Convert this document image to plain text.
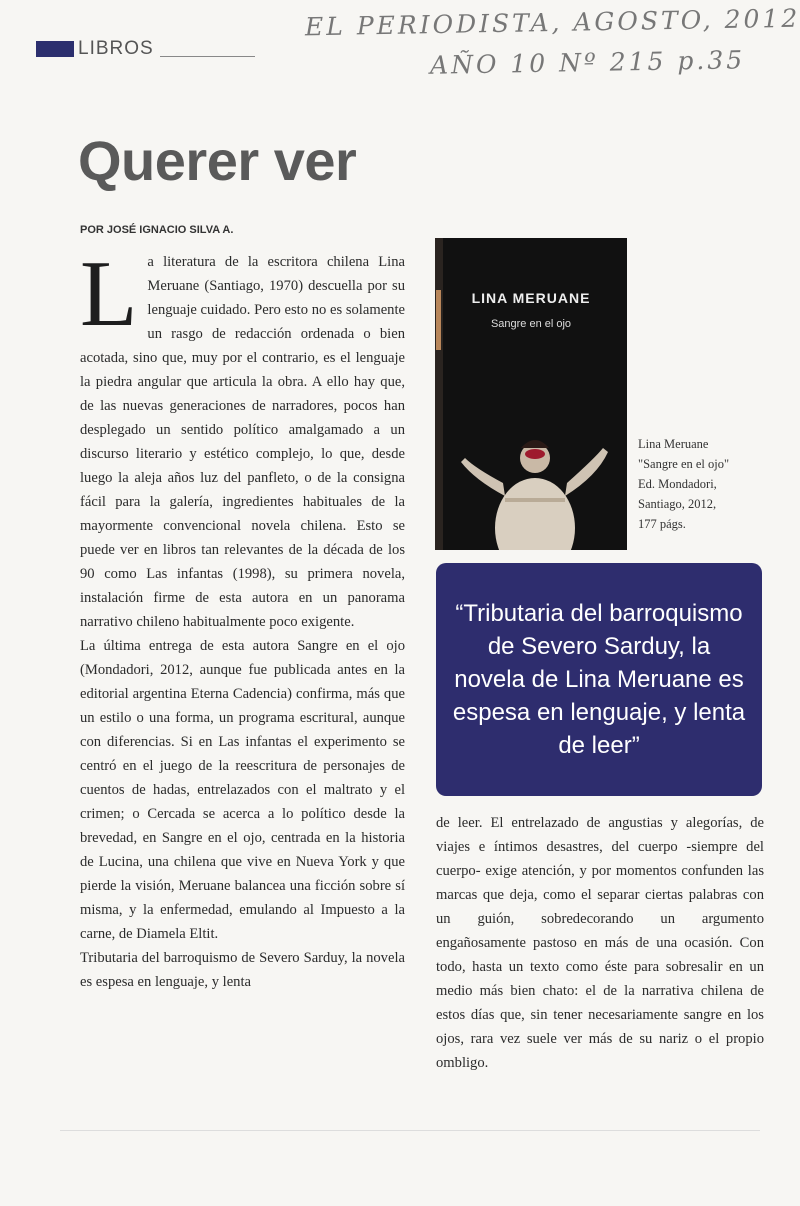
EL PERIODISTA, AGOSTO, 2012
AÑO 10 Nº 215 p.35
LIBROS
Querer ver
POR JOSÉ IGNACIO SILVA A.

La literatura de la escritora chilena Lina Meruane (Santiago, 1970) descuella por su lenguaje cuidado. Pero esto no es solamente un rasgo de redacción ordenada o bien acotada, sino que, muy por el contrario, es el lenguaje la piedra angular que articula la obra. A ello hay que, de las nuevas generaciones de narradores, pocos han desplegado un sentido político amalgamado a un discurso literario y estético complejo, lo que, desde luego la aleja años luz del panfleto, o de la consigna fácil para la galería, ingredientes habituales de la mayormente convencional novela chilena. Esto se puede ver en libros tan relevantes de la década de los 90 como Las infantas (1998), su primera novela, instalación firme de esta autora en un panorama narrativo chileno habitualmente poco exigente.

La última entrega de esta autora Sangre en el ojo (Mondadori, 2012, aunque fue publicada antes en la editorial argentina Eterna Cadencia) confirma, más que un estilo o una forma, un programa escritural, aunque con diferencias. Si en Las infantas el experimento se centró en el juego de la reescritura de personajes de cuentos de hadas, entrelazados con el maltrato y el crimen; o Cercada se acerca a lo político desde la brevedad, en Sangre en el ojo, centrada en la historia de Lucina, una chilena que vive en Nueva York y que pierde la visión, Meruane balancea una ficción sobre sí misma, y la enfermedad, emulando al Impuesto a la carne, de Diamela Eltit.

Tributaria del barroquismo de Severo Sarduy, la novela es espesa en lenguaje, y lenta

LINA MERUANE
Sangre en el ojo
Lina Meruane
"Sangre en el ojo"
Ed. Mondadori,
Santiago, 2012,
177 págs.

“Tributaria del barroquismo de Severo Sarduy, la novela de Lina Meruane es espesa en lenguaje, y lenta de leer”

de leer. El entrelazado de angustias y alegorías, de viajes e íntimos desastres, del cuerpo -siempre del cuerpo- exige atención, y por momentos confunden las marcas que deja, como el separar ciertas palabras con un guión, sobredecorando un argumento engañosamente pastoso en más de una ocasión. Con todo, hasta un texto como éste para sobresalir en un medio más bien chato: el de la narrativa chilena de estos días que, sin tener necesariamente sangre en los ojos, rara vez suele ver más de su nariz o el propio ombligo.
